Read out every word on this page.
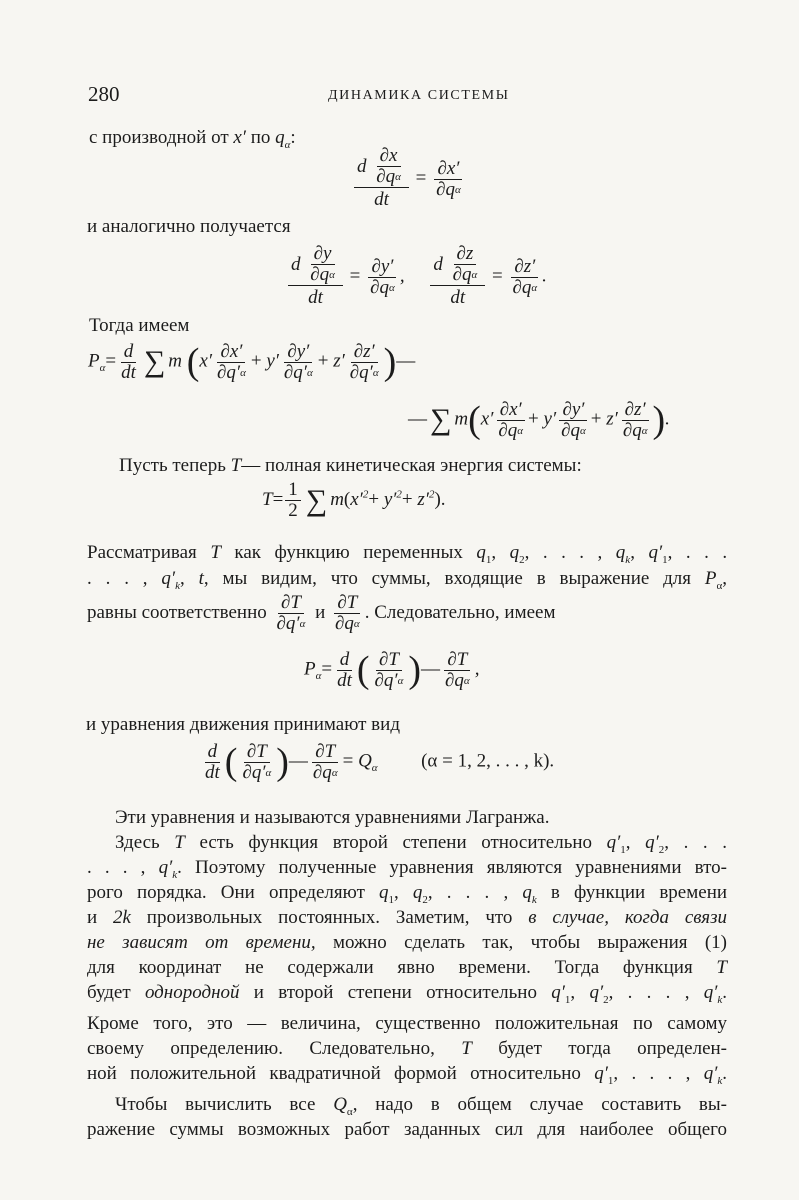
280	ДИНАМИКА СИСТЕМЫ
с производной от x′ по $q_\alpha$:
d ∂x
∂q α
dt = $\frac{\partial x'}{\text{∂q α}}$
и аналогично получается
d ∂y
∂q α
dt = $\frac{\partial y'}{\text{∂q α}}$ , d ∂z
∂q α
dt = $\frac{\partial z'}{\text{∂q α}}$ .
Тогда имеем
$P_\alpha= \frac{d}{dt}$ ∑ m ($x' \frac{\partial x'}{\partial q' \alpha} + y' \frac{\partial y'}{\partial q' \alpha} + z' \frac{\partial z'}{\partial q' \alpha}$ )—
— ∑ $m(x' \frac{\partial x'}{\text{∂q α}} + y' \frac{\partial y'}{\text{∂q α}} + z' \frac{\partial z'}{\text{∂q α}}$ ).
Пусть теперь T— полная кинетическая энергия системы:
$T= \frac{1}{2}$ ∑ $m(x'^2+ y'^2+ z'^2)$.
Рассматривая T как функцию переменных $q_1$, $q_2$, . . . , $q_k$, $q'_1$, . . .
. . . , $q'_k$, t, мы видим, что суммы, входящие в выражение для $P_\alpha$,
равны соответственно $\frac{\partial T}{\partial q' \alpha}$ и $\frac{\partial T}{\text{∂q α}}$ . Следовательно, имеем
$P_\alpha= \frac{d}{dt}$ ( $\frac{\partial T}{\partial q' \alpha}$ )— $\frac{\partial T}{\text{∂q α}}$ ,
и уравнения движения принимают вид
$\frac{d}{dt}$ ( $\frac{\partial T}{\partial q' \alpha}$ )— $\frac{\partial T}{\text{∂q α}} = Q_\alpha$ (α = 1, 2, . . . , k).
Эти уравнения и называются уравнениями Лагранжа.
Здесь T есть функция второй степени относительно $q'_1$, $q'_2$, . . .
. . . , $q'_k$. Поэтому полученные уравнения являются уравнениями вто-
рого порядка. Они определяют $q_1$, $q_2$, . . . , $q_k$ в функции времени
и 2k произвольных постоянных. Заметим, что в случае, когда связи
не зависят от времени, можно сделать так, чтобы выражения (1)
для координат не содержали явно времени. Тогда функция T
будет однородной и второй степени относительно $q'_1$, $q'_2$, . . . , $q'_k$.
Кроме того, это — величина, существенно положительная по самому
своему определению. Следовательно, T будет тогда определен-
ной положительной квадратичной формой относительно $q'_1$, . . . , $q'_k$.
Чтобы вычислить все $Q_\alpha$, надо в общем случае составить вы-
ражение суммы возможных работ заданных сил для наиболее общего
